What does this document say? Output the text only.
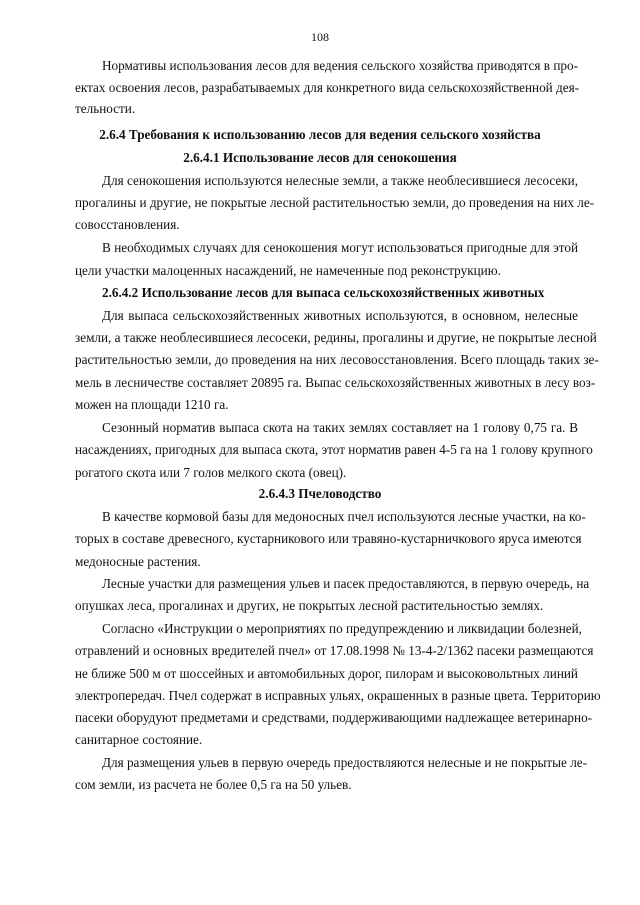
108
Нормативы использования лесов для ведения сельского хозяйства приводятся в про-
ектах освоения лесов, разрабатываемых для конкретного вида сельскохозяйственной дея-
тельности.
2.6.4 Требования к использованию лесов для ведения сельского хозяйства
2.6.4.1 Использование лесов для сенокошения
Для сенокошения используются нелесные земли, а также необлесившиеся лесосеки,
прогалины и другие, не покрытые лесной растительностью земли, до проведения на них ле-
совосстановления.
В необходимых случаях для сенокошения могут использоваться пригодные для этой
цели участки малоценных насаждений, не намеченные под реконструкцию.
2.6.4.2 Использование лесов для выпаса сельскохозяйственных животных
Для выпаса сельскохозяйственных животных используются, в основном, нелесные
земли, а также необлесившиеся лесосеки, редины, прогалины и другие, не покрытые лесной
растительностью земли, до проведения на них лесовосстановления. Всего площадь таких зе-
мель в лесничестве составляет 20895 га. Выпас сельскохозяйственных животных в лесу воз-
можен на площади 1210 га.
Сезонный норматив выпаса скота на таких землях составляет на 1 голову 0,75 га. В
насаждениях, пригодных для выпаса скота, этот норматив равен 4-5 га на 1 голову крупного
рогатого скота или 7 голов мелкого скота (овец).
2.6.4.3 Пчеловодство
В качестве кормовой базы для медоносных пчел используются лесные участки, на ко-
торых в составе древесного, кустарникового или травяно-кустарничкового яруса имеются
медоносные растения.
Лесные участки для размещения ульев и пасек предоставляются, в первую очередь, на
опушках леса, прогалинах и других, не покрытых лесной растительностью землях.
Согласно «Инструкции о мероприятиях по предупреждению и ликвидации болезней,
отравлений и основных вредителей пчел» от 17.08.1998 № 13-4-2/1362 пасеки размещаются
не ближе 500 м от шоссейных и автомобильных дорог, пилорам и высоковольтных линий
электропередач. Пчел содержат в исправных ульях, окрашенных в разные цвета. Территорию
пасеки оборудуют предметами и средствами, поддерживающими надлежащее ветеринарно-
санитарное состояние.
Для размещения ульев в первую очередь предоствляются нелесные и не покрытые ле-
сом земли, из расчета не более 0,5 га на 50 ульев.
